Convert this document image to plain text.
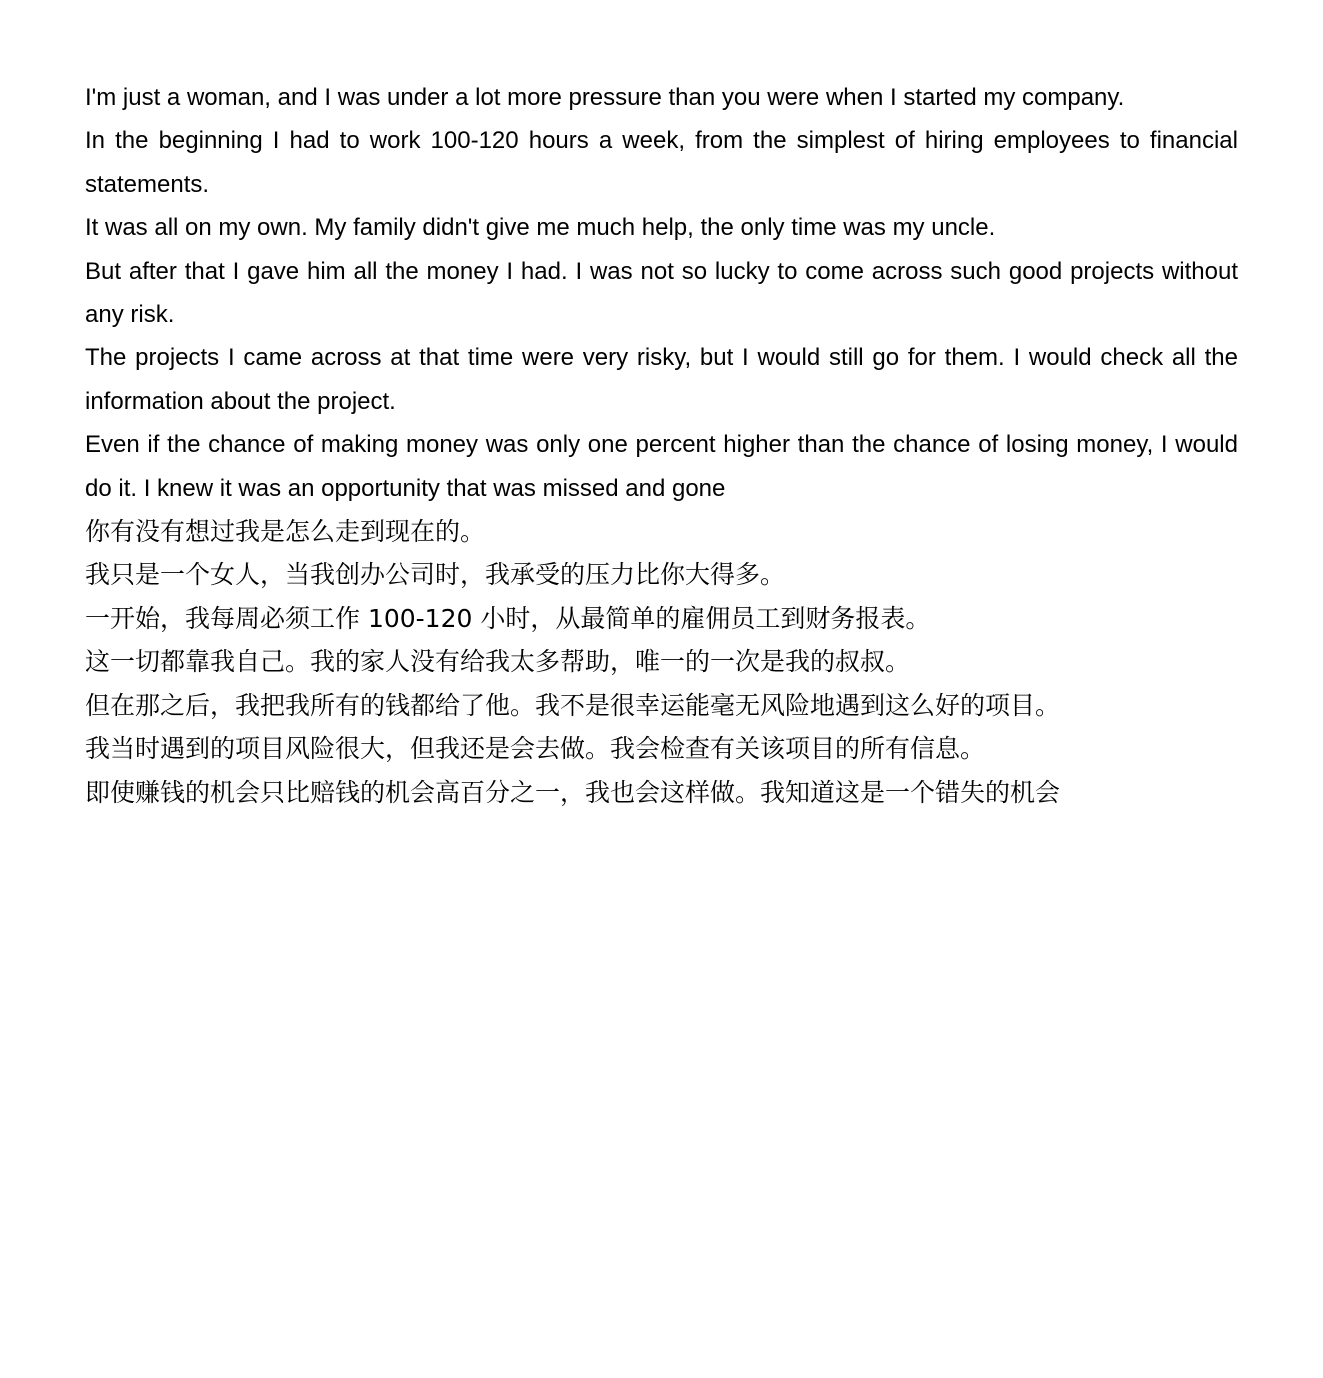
I'm just a woman, and I was under a lot more pressure than you were when I started my company.

In the beginning I had to work 100-120 hours a week, from the simplest of hiring employees to financial statements.

It was all on my own. My family didn't give me much help, the only time was my uncle.

But after that I gave him all the money I had. I was not so lucky to come across such good projects without any risk.

The projects I came across at that time were very risky, but I would still go for them. I would check all the information about the project.

Even if the chance of making money was only one percent higher than the chance of losing money, I would do it. I knew it was an opportunity that was missed and gone

你有没有想过我是怎么走到现在的。

我只是一个女人，当我创办公司时，我承受的压力比你大得多。

一开始，我每周必须工作 100-120 小时，从最简单的雇佣员工到财务报表。

这一切都靠我自己。我的家人没有给我太多帮助，唯一的一次是我的叔叔。

但在那之后，我把我所有的钱都给了他。我不是很幸运能毫无风险地遇到这么好的项目。

我当时遇到的项目风险很大，但我还是会去做。我会检查有关该项目的所有信息。

即使赚钱的机会只比赔钱的机会高百分之一，我也会这样做。我知道这是一个错失的机会
